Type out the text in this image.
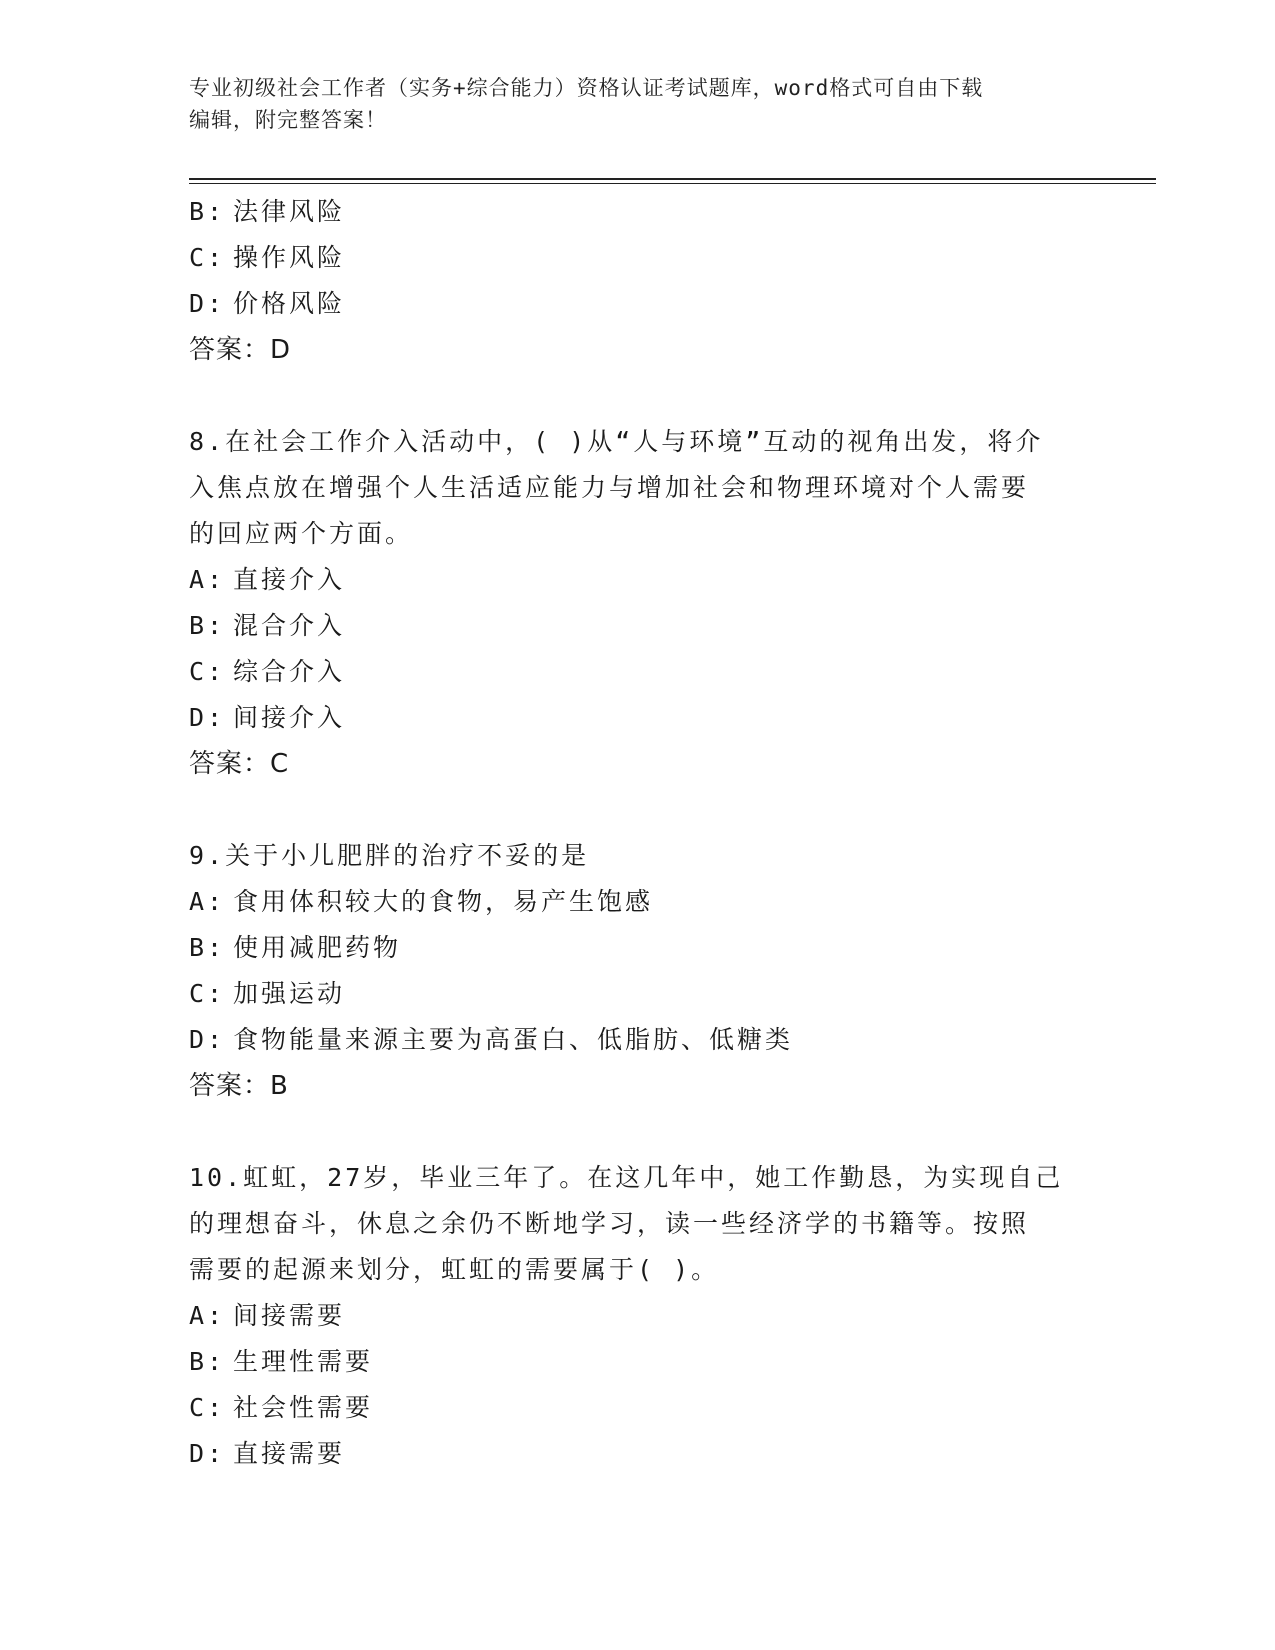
专业初级社会工作者（实务+综合能力）资格认证考试题库，word格式可自由下载
编辑，附完整答案！
B: 法律风险
C: 操作风险
D: 价格风险
答案：D
8.在社会工作介入活动中，( )从“人与环境”互动的视角出发，将介
入焦点放在增强个人生活适应能力与增加社会和物理环境对个人需要
的回应两个方面。
A: 直接介入
B: 混合介入
C: 综合介入
D: 间接介入
答案：C
9.关于小儿肥胖的治疗不妥的是
A: 食用体积较大的食物，易产生饱感
B: 使用减肥药物
C: 加强运动
D: 食物能量来源主要为高蛋白、低脂肪、低糖类
答案：B
10.虹虹，27岁，毕业三年了。在这几年中，她工作勤恳，为实现自己
的理想奋斗，休息之余仍不断地学习，读一些经济学的书籍等。按照
需要的起源来划分，虹虹的需要属于( )。
A: 间接需要
B: 生理性需要
C: 社会性需要
D: 直接需要
